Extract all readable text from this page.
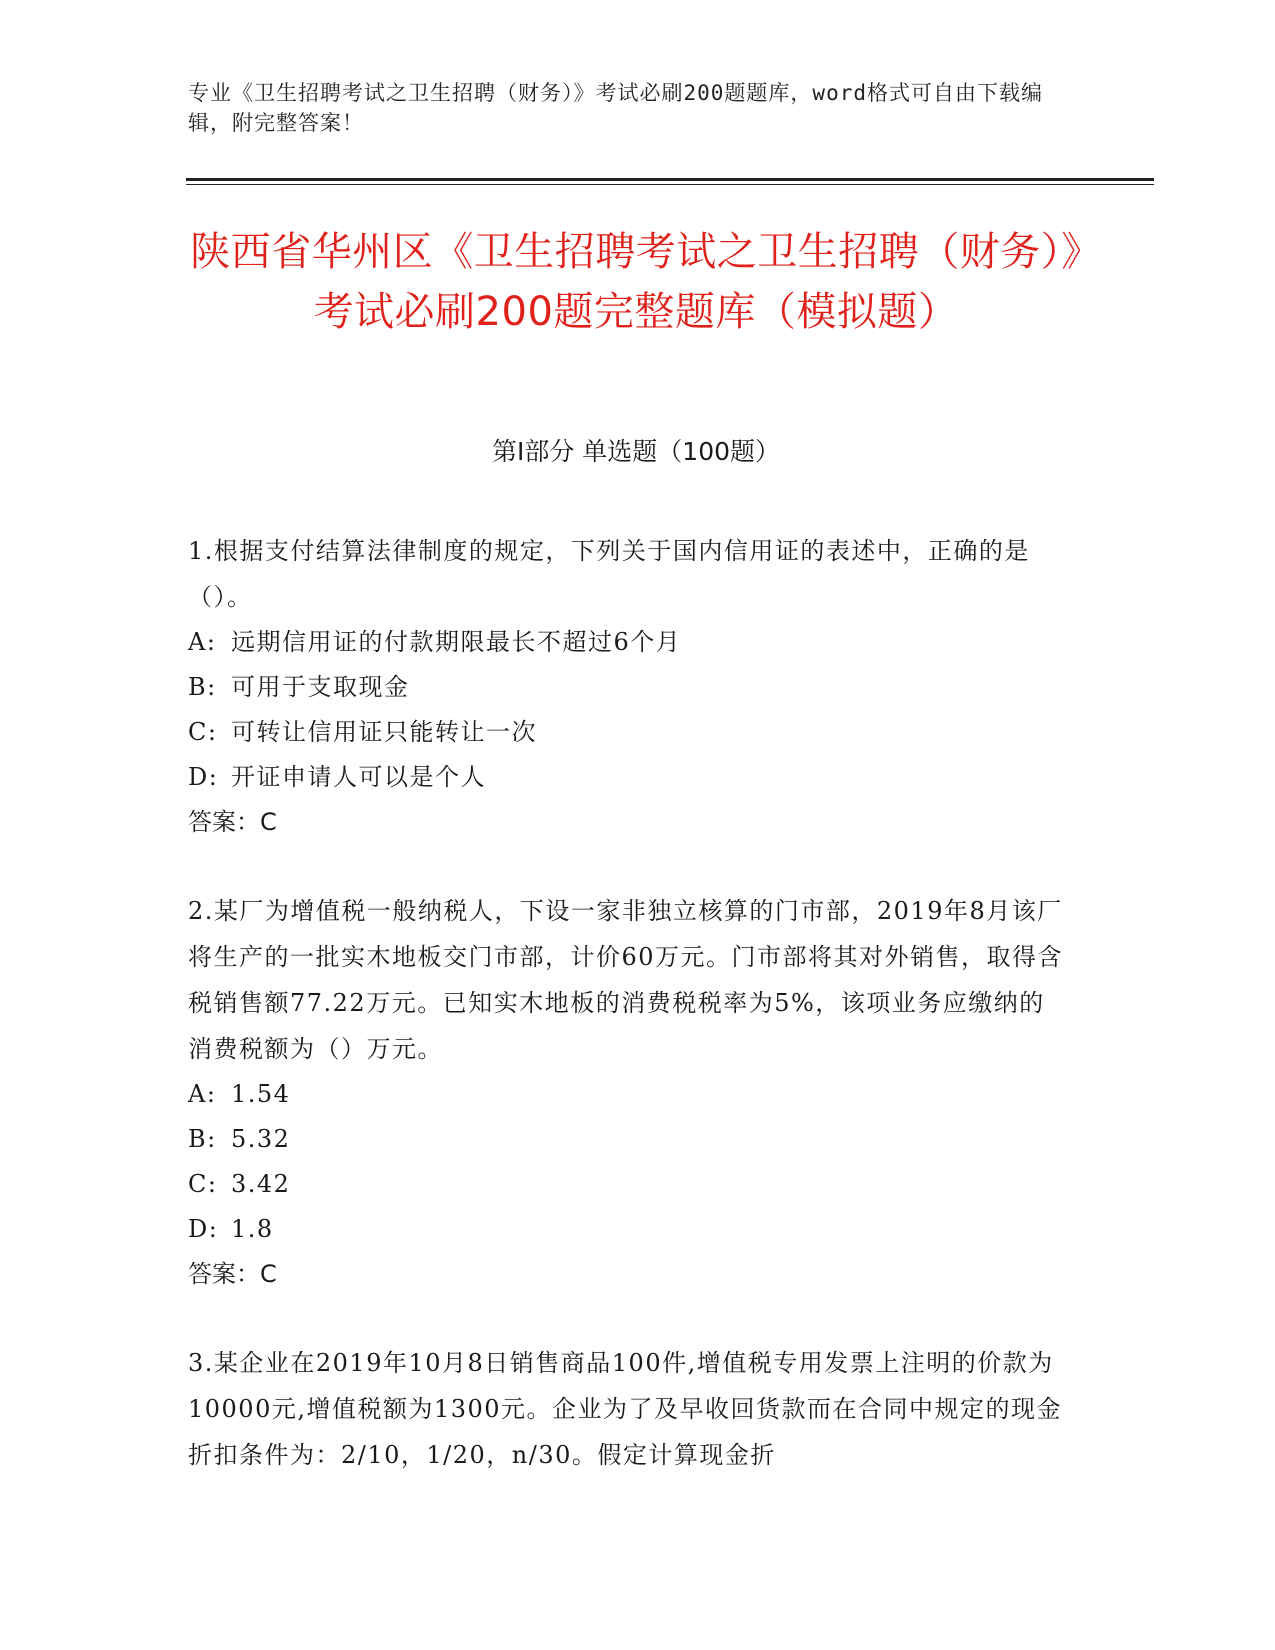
专业《卫生招聘考试之卫生招聘（财务）》考试必刷200题题库，word格式可自由下载编辑，附完整答案！
陕西省华州区《卫生招聘考试之卫生招聘（财务）》考试必刷200题完整题库（模拟题）
第I部分 单选题（100题）
1.根据支付结算法律制度的规定，下列关于国内信用证的表述中，正确的是（）。
A: 远期信用证的付款期限最长不超过6个月
B: 可用于支取现金
C: 可转让信用证只能转让一次
D: 开证申请人可以是个人
答案：C
2.某厂为增值税一般纳税人，下设一家非独立核算的门市部，2019年8月该厂将生产的一批实木地板交门市部，计价60万元。门市部将其对外销售，取得含税销售额77.22万元。已知实木地板的消费税税率为5%，该项业务应缴纳的消费税额为（）万元。
A: 1.54
B: 5.32
C: 3.42
D: 1.8
答案：C
3.某企业在2019年10月8日销售商品100件,增值税专用发票上注明的价款为10000元,增值税额为1300元。企业为了及早收回货款而在合同中规定的现金折扣条件为：2/10，1/20，n/30。假定计算现金折
